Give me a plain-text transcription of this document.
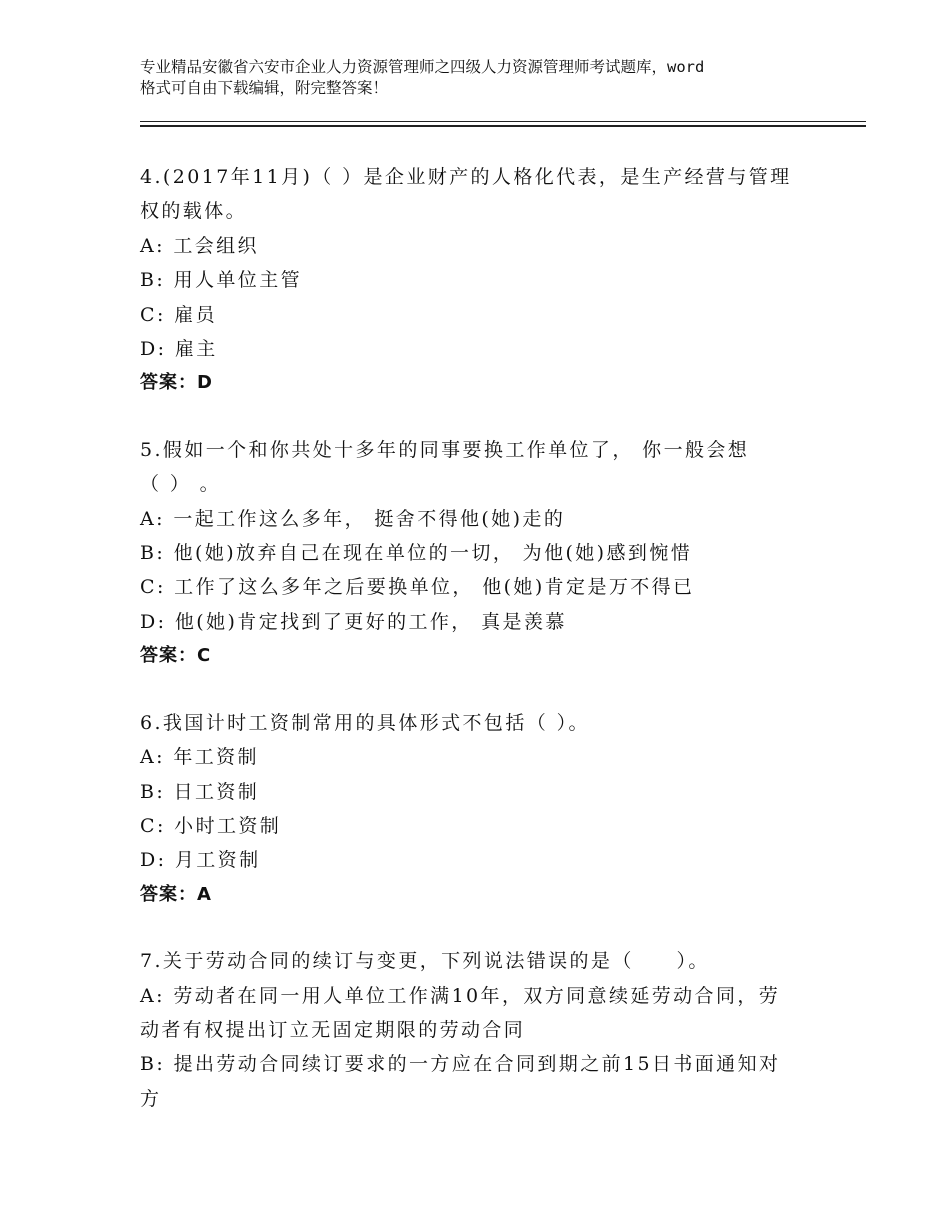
专业精品安徽省六安市企业人力资源管理师之四级人力资源管理师考试题库，word
格式可自由下载编辑，附完整答案！

4.(2017年11月)（ ）是企业财产的人格化代表，是生产经营与管理

权的载体。

A: 工会组织

B: 用人单位主管

C: 雇员

D: 雇主

答案：D

5.假如一个和你共处十多年的同事要换工作单位了， 你一般会想

（ ） 。

A: 一起工作这么多年， 挺舍不得他(她)走的

B: 他(她)放弃自己在现在单位的一切， 为他(她)感到惋惜

C: 工作了这么多年之后要换单位， 他(她)肯定是万不得已

D: 他(她)肯定找到了更好的工作， 真是羡慕

答案：C

6.我国计时工资制常用的具体形式不包括（ ）。

A: 年工资制

B: 日工资制

C: 小时工资制

D: 月工资制

答案：A

7.关于劳动合同的续订与变更，下列说法错误的是（　　）。

A: 劳动者在同一用人单位工作满10年，双方同意续延劳动合同，劳

动者有权提出订立无固定期限的劳动合同

B: 提出劳动合同续订要求的一方应在合同到期之前15日书面通知对

方
